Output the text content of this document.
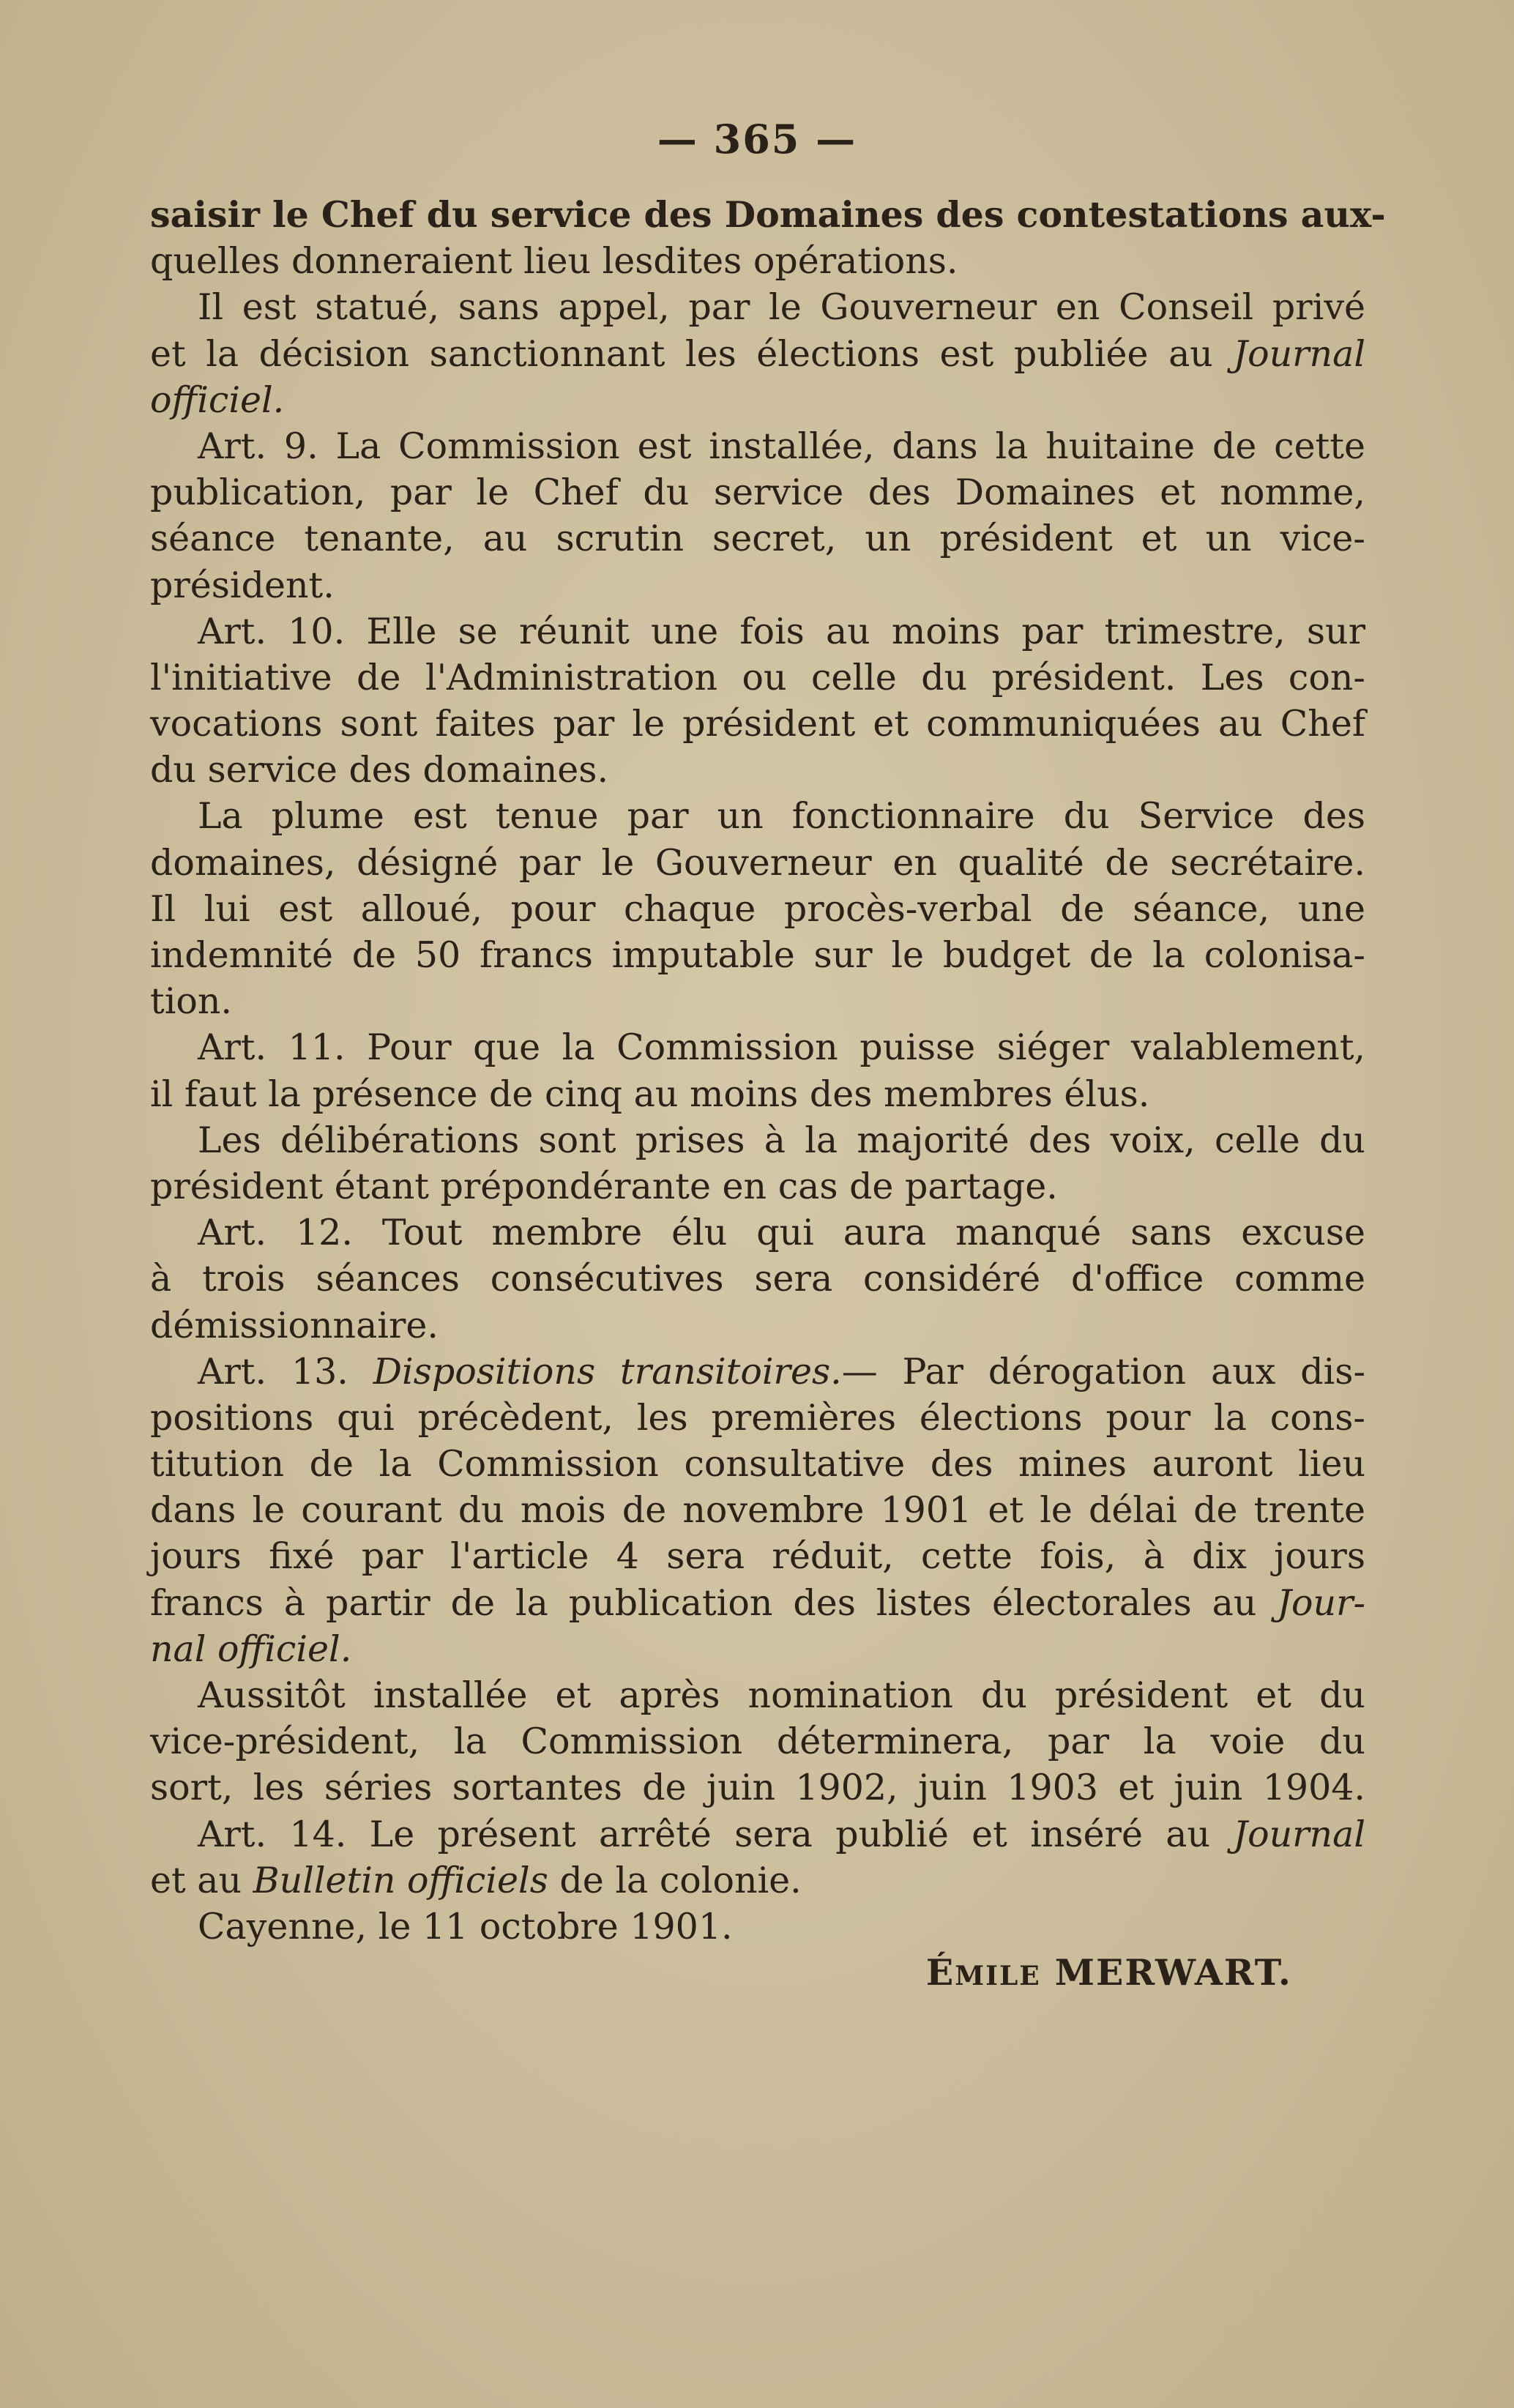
— 365 —
saisir le Chef du service des Domaines des contestations aux-
quelles donneraient lieu lesdites opérations.
Il est statué, sans appel, par le Gouverneur en Conseil privé
et la décision sanctionnant les élections est publiée au Journal
officiel.
Art. 9. La Commission est installée, dans la huitaine de cette
publication, par le Chef du service des Domaines et nomme,
séance tenante, au scrutin secret, un président et un vice-
président.
Art. 10. Elle se réunit une fois au moins par trimestre, sur
l'initiative de l'Administration ou celle du président. Les con-
vocations sont faites par le président et communiquées au Chef
du service des domaines.
La plume est tenue par un fonctionnaire du Service des
domaines, désigné par le Gouverneur en qualité de secrétaire.
Il lui est alloué, pour chaque procès-verbal de séance, une
indemnité de 50 francs imputable sur le budget de la colonisa-
tion.
Art. 11. Pour que la Commission puisse siéger valablement,
il faut la présence de cinq au moins des membres élus.
Les délibérations sont prises à la majorité des voix, celle du
président étant prépondérante en cas de partage.
Art. 12. Tout membre élu qui aura manqué sans excuse
à trois séances consécutives sera considéré d'office comme
démissionnaire.
Art. 13. Dispositions transitoires.— Par dérogation aux dis-
positions qui précèdent, les premières élections pour la cons-
titution de la Commission consultative des mines auront lieu
dans le courant du mois de novembre 1901 et le délai de trente
jours fixé par l'article 4 sera réduit, cette fois, à dix jours
francs à partir de la publication des listes électorales au Jour-
nal officiel.
Aussitôt installée et après nomination du président et du
vice-président, la Commission déterminera, par la voie du
sort, les séries sortantes de juin 1902, juin 1903 et juin 1904.
Art. 14. Le présent arrêté sera publié et inséré au Journal
et au Bulletin officiels de la colonie.
Cayenne, le 11 octobre 1901.
ÉMILE MERWART.
